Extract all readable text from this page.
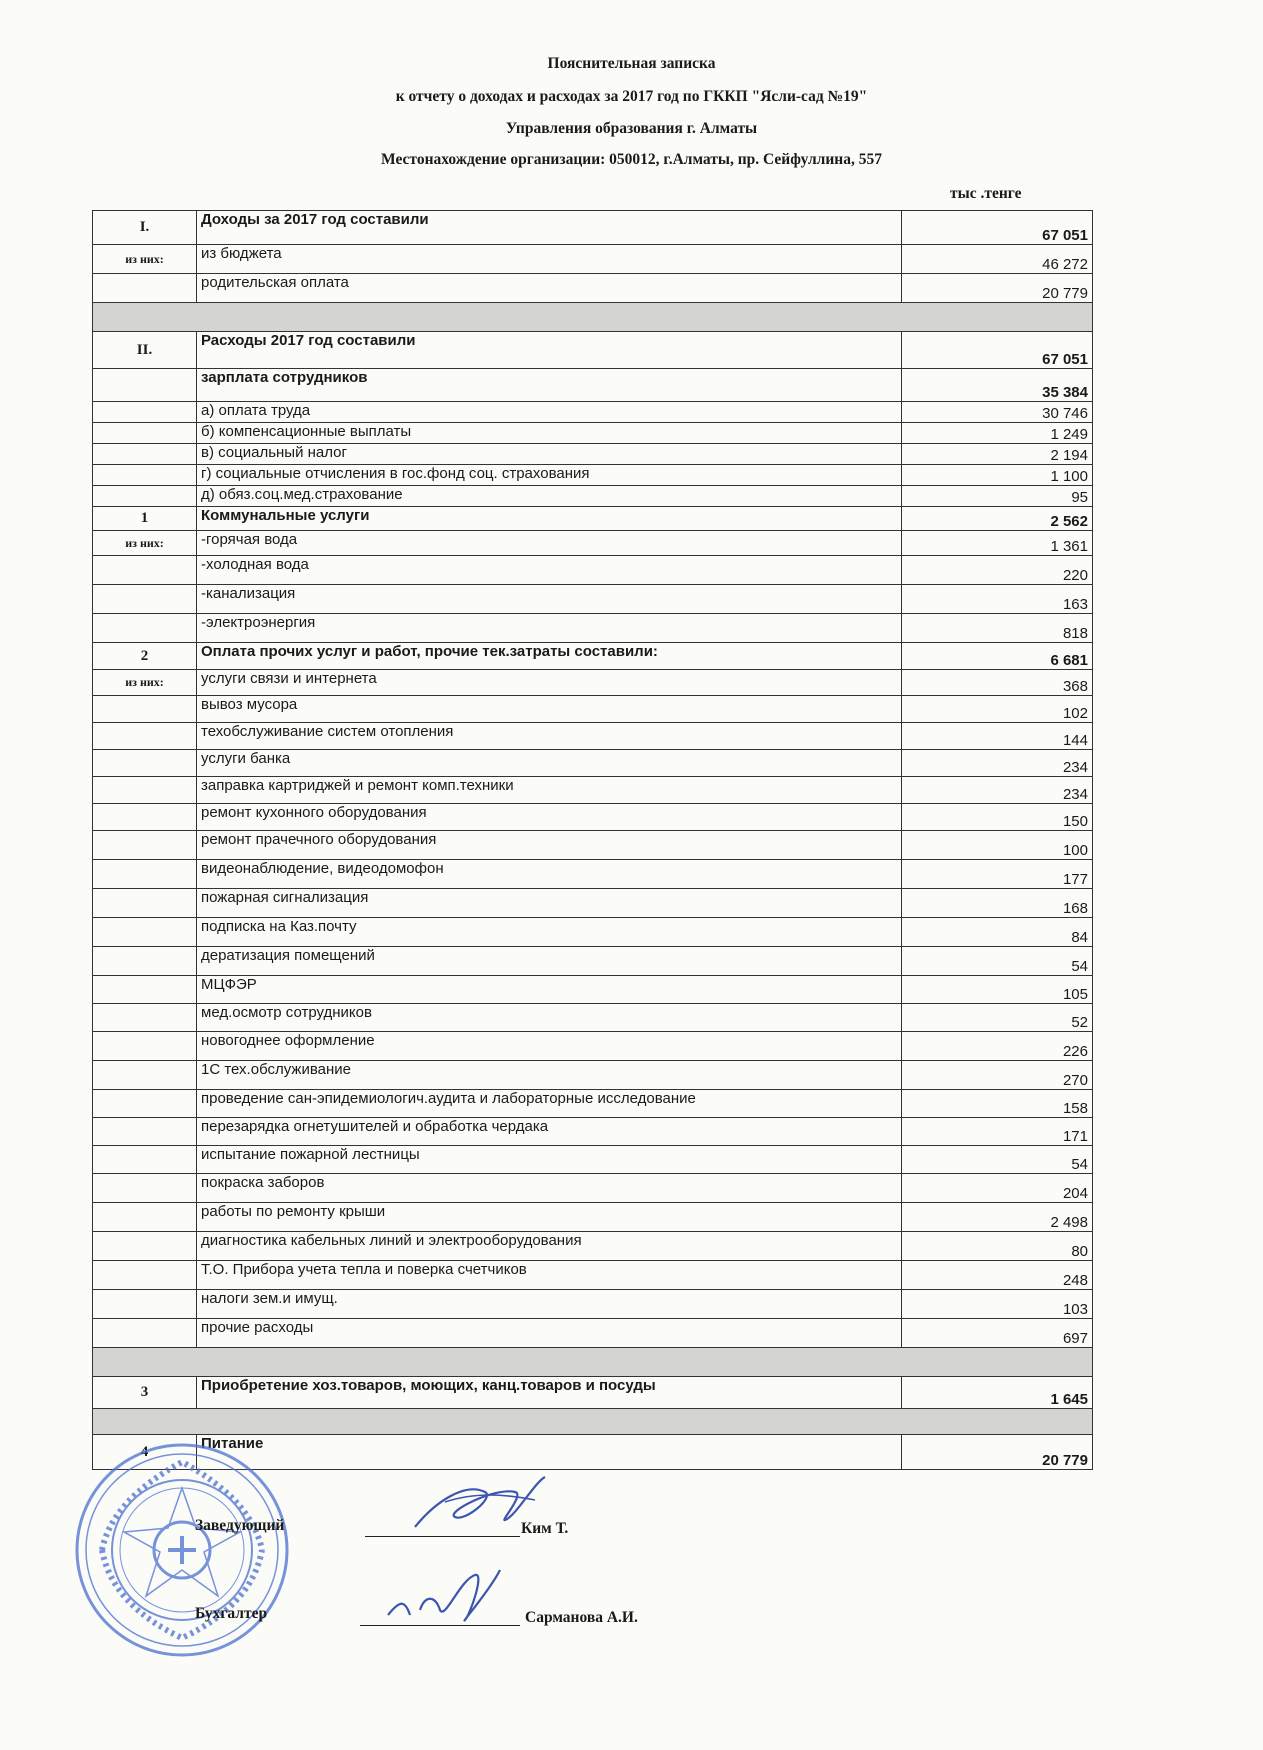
Пояснительная записка
к отчету о доходах и расходах за 2017 год по ГККП "Ясли-сад №19"
Управления образования г. Алматы
Местонахождение организации: 050012, г.Алматы, пр. Сейфуллина, 557
тыс .тенге
I.	Доходы за 2017 год составили	67 051
из них:	из бюджета	46 272
	родительская оплата	20 779

II.	Расходы 2017 год составили	67 051
	зарплата сотрудников	35 384
	а) оплата труда	30 746
	б) компенсационные выплаты	1 249
	в) социальный налог	2 194
	г) социальные отчисления в гос.фонд соц. страхования	1 100
	д) обяз.соц.мед.страхование	95
1	Коммунальные услуги	2 562
из них:	-горячая вода	1 361
	-холодная вода	220
	-канализация	163
	-электроэнергия	818
2	Оплата прочих услуг и работ, прочие тек.затраты составили:	6 681
из них:	услуги связи и интернета	368
	вывоз мусора	102
	техобслуживание систем отопления	144
	услуги банка	234
	заправка картриджей и ремонт комп.техники	234
	ремонт кухонного оборудования	150
	ремонт прачечного оборудования	100
	видеонаблюдение, видеодомофон	177
	пожарная сигнализация	168
	подписка на Каз.почту	84
	дератизация помещений	54
	МЦФЭР	105
	мед.осмотр сотрудников	52
	новогоднее оформление	226
	1С тех.обслуживание	270
	проведение сан-эпидемиологич.аудита и лабораторные исследование	158
	перезарядка огнетушителей и обработка чердака	171
	испытание пожарной лестницы	54
	покраска заборов	204
	работы по ремонту крыши	2 498
	диагностика кабельных линий и электрооборудования	80
	Т.О. Прибора учета тепла и поверка счетчиков	248
	налоги зем.и имущ.	103
	прочие расходы	697

3	Приобретение хоз.товаров, моющих, канц.товаров и посуды	1 645

4	Питание	20 779
Заведующий	Ким Т.
Бухгалтер	Сарманова А.И.
